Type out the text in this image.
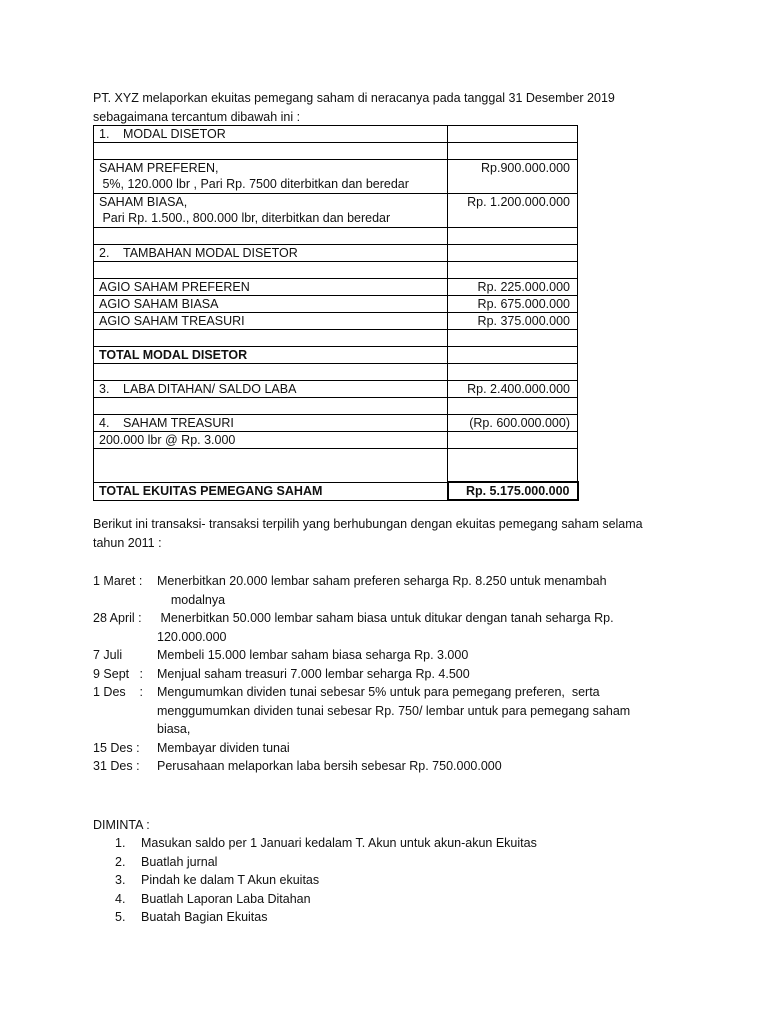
PT. XYZ melaporkan ekuitas pemegang saham di neracanya pada tanggal 31 Desember 2019
sebagaimana tercantum dibawah ini :
1. MODAL DISETOR	

SAHAM PREFEREN,
5%, 120.000 lbr , Pari Rp. 7500 diterbitkan dan beredar	Rp.900.000.000

SAHAM BIASA,
Pari Rp. 1.500., 800.000 lbr, diterbitkan dan beredar	Rp. 1.200.000.000

2. TAMBAHAN MODAL DISETOR	

AGIO SAHAM PREFEREN	Rp. 225.000.000
AGIO SAHAM BIASA	Rp. 675.000.000
AGIO SAHAM TREASURI	Rp. 375.000.000

TOTAL MODAL DISETOR	

3. LABA DITAHAN/ SALDO LABA	Rp. 2.400.000.000

4. SAHAM TREASURI	(Rp. 600.000.000)
200.000 lbr @ Rp. 3.000	

TOTAL EKUITAS PEMEGANG SAHAM	Rp. 5.175.000.000
Berikut ini transaksi- transaksi terpilih yang berhubungan dengan ekuitas pemegang saham selama
tahun 2011 :
1 Maret :	Menerbitkan 20.000 lembar saham preferen seharga Rp. 8.250 untuk menambah
modalnya
28 April :	Menerbitkan 50.000 lembar saham biasa untuk ditukar dengan tanah seharga Rp.
120.000.000
7 Juli	Membeli 15.000 lembar saham biasa seharga Rp. 3.000
9 Sept   :	Menjual saham treasuri 7.000 lembar seharga Rp. 4.500
1 Des    :	Mengumumkan dividen tunai sebesar 5% untuk para pemegang preferen,  serta
menggumumkan dividen tunai sebesar Rp. 750/ lembar untuk para pemegang saham
biasa,
15 Des :	Membayar dividen tunai
31 Des :	Perusahaan melaporkan laba bersih sebesar Rp. 750.000.000
DIMINTA :
1.	Masukan saldo per 1 Januari kedalam T. Akun untuk akun-akun Ekuitas
2.	Buatlah jurnal
3.	Pindah ke dalam T Akun ekuitas
4.	Buatlah Laporan Laba Ditahan
5.	Buatah Bagian Ekuitas
